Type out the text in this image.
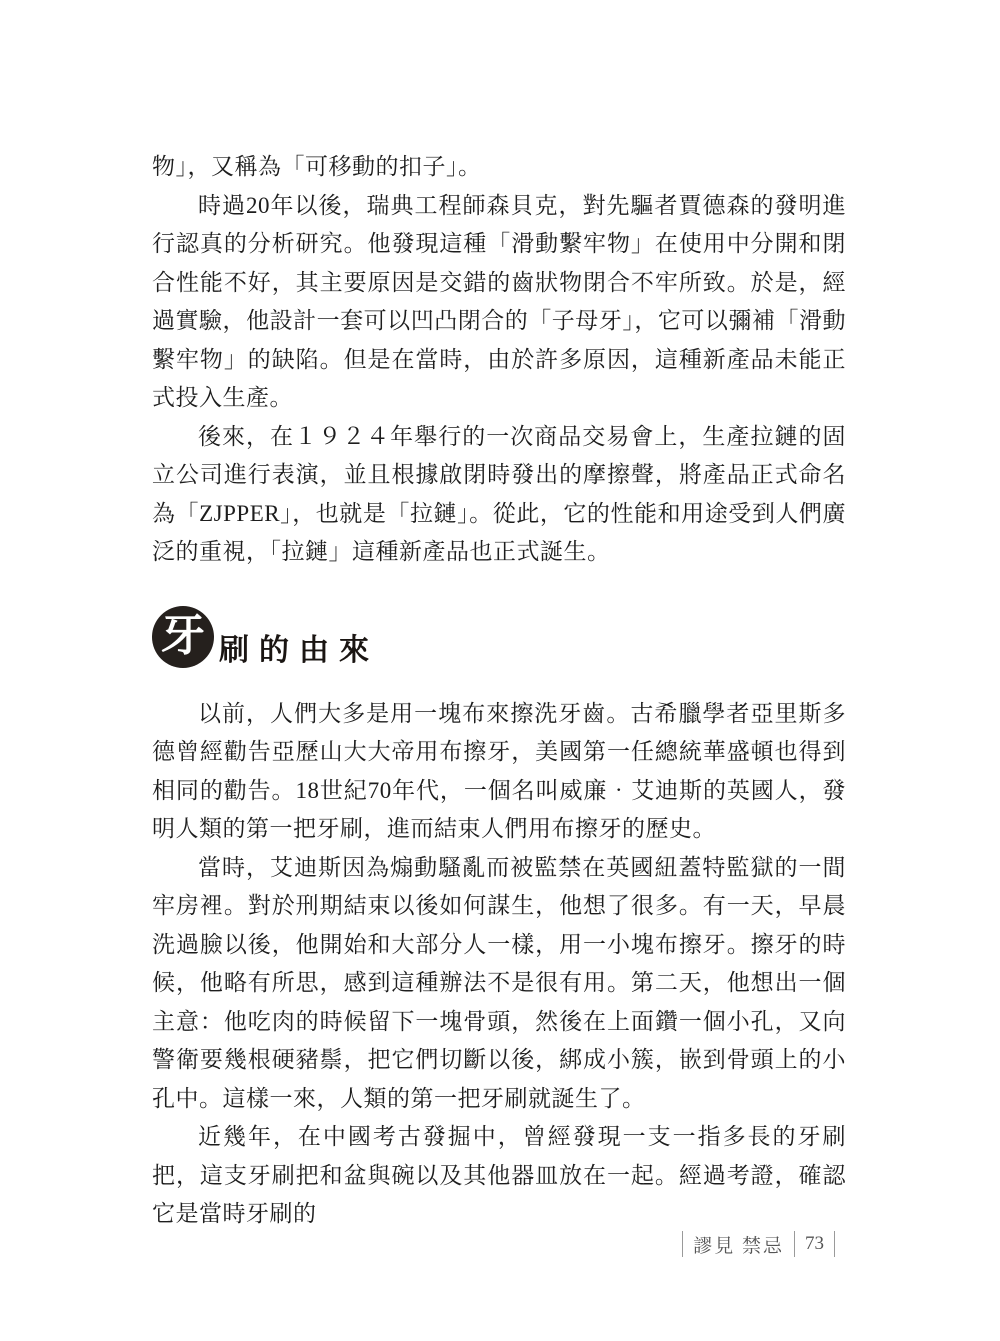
物」，又稱為「可移動的扣子」。

時過20年以後，瑞典工程師森貝克，對先驅者賈德森的發明進行認真的分析研究。他發現這種「滑動繫牢物」在使用中分開和閉合性能不好，其主要原因是交錯的齒狀物閉合不牢所致。於是，經過實驗，他設計一套可以凹凸閉合的「子母牙」，它可以彌補「滑動繫牢物」的缺陷。但是在當時，由於許多原因，這種新產品未能正式投入生產。

後來，在１９２４年舉行的一次商品交易會上，生產拉鏈的固立公司進行表演，並且根據啟閉時發出的摩擦聲，將產品正式命名為「ZJPPER」，也就是「拉鏈」。從此，它的性能和用途受到人們廣泛的重視，「拉鏈」這種新產品也正式誕生。

牙 刷的由來

以前，人們大多是用一塊布來擦洗牙齒。古希臘學者亞里斯多德曾經勸告亞歷山大大帝用布擦牙，美國第一任總統華盛頓也得到相同的勸告。18世紀70年代，一個名叫威廉‧艾迪斯的英國人，發明人類的第一把牙刷，進而結束人們用布擦牙的歷史。

當時，艾迪斯因為煽動騷亂而被監禁在英國紐蓋特監獄的一間牢房裡。對於刑期結束以後如何謀生，他想了很多。有一天，早晨洗過臉以後，他開始和大部分人一樣，用一小塊布擦牙。擦牙的時候，他略有所思，感到這種辦法不是很有用。第二天，他想出一個主意：他吃肉的時候留下一塊骨頭，然後在上面鑽一個小孔，又向警衛要幾根硬豬鬃，把它們切斷以後，綁成小簇，嵌到骨頭上的小孔中。這樣一來，人類的第一把牙刷就誕生了。

近幾年，在中國考古發掘中，曾經發現一支一指多長的牙刷把，這支牙刷把和盆與碗以及其他器皿放在一起。經過考證，確認它是當時牙刷的

謬見 禁忌 73
